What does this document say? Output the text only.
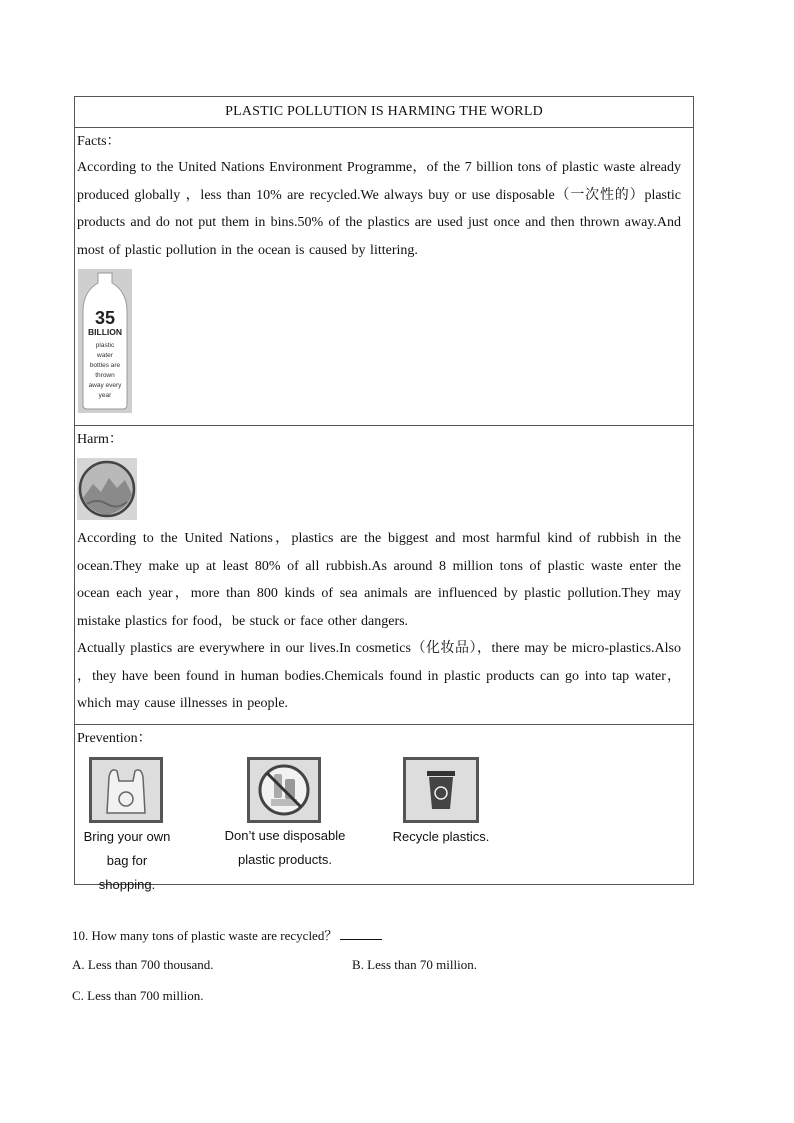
PLASTIC POLLUTION IS HARMING THE WORLD
Facts：
According to the United Nations Environment Programme，of the 7 billion tons of plastic waste already produced globally ，less than 10% are recycled.We always buy or use disposable（一次性的）plastic products and do not put them in bins.50% of the plastics are used just once and then thrown away.And most of plastic pollution in the ocean is caused by littering.
35
BILLION
plastic
water
bottles are
thrown
away every
year
Harm：
According to the United Nations，plastics are the biggest and most harmful kind of rubbish in the ocean.They make up at least 80% of all rubbish.As around 8 million tons of plastic waste enter the ocean each year，more than 800 kinds of sea animals are influenced by plastic pollution.They may mistake plastics for food，be stuck or face other dangers.
Actually plastics are everywhere in our lives.In cosmetics（化妆品），there may be micro-plastics.Also ，they have been found in human bodies.Chemicals found in plastic products can go into tap water，which may cause illnesses in people.
Prevention：
Bring your own
bag for shopping.
Don’t use disposable
plastic products.
Recycle plastics.
10. How many tons of plastic waste are recycled？
A. Less than 700 thousand.	B. Less than 70 million.
C. Less than 700 million.
